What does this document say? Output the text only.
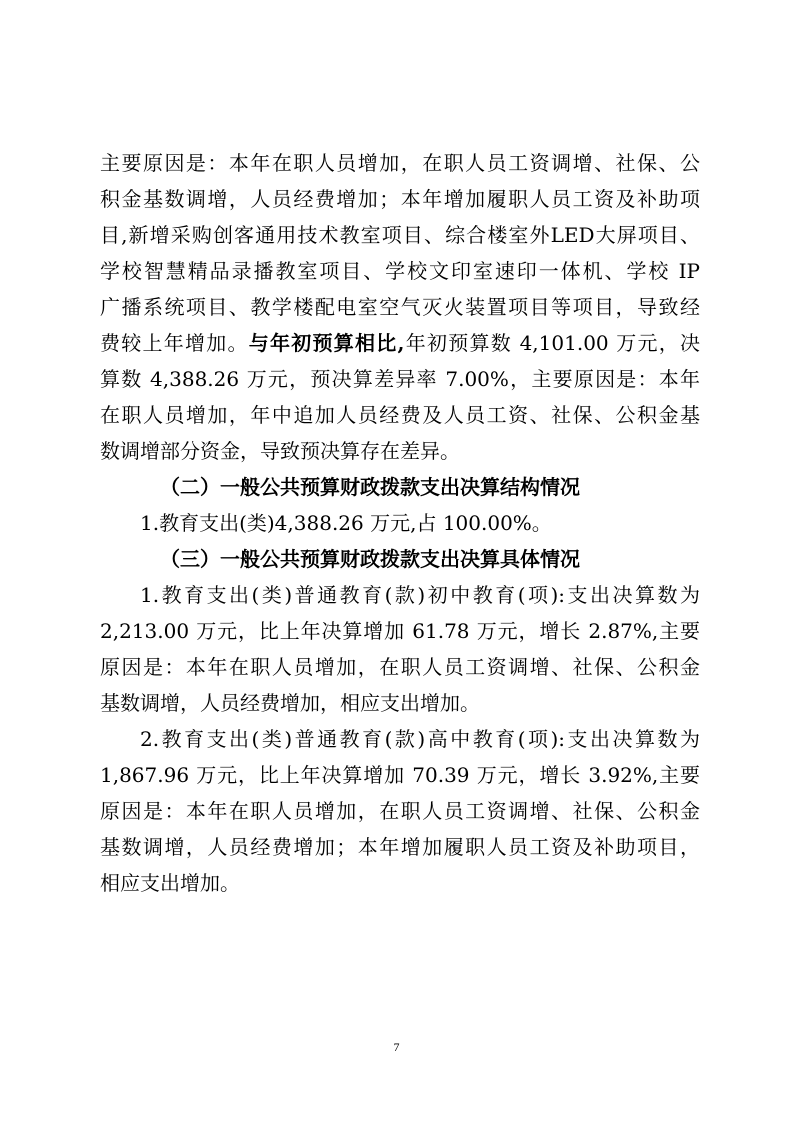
主要原因是：本年在职人员增加，在职人员工资调增、社保、公
积金基数调增，人员经费增加；本年增加履职人员工资及补助项
目,新增采购创客通用技术教室项目、综合楼室外LED大屏项目、
学校智慧精品录播教室项目、学校文印室速印一体机、学校 IP
广播系统项目、教学楼配电室空气灭火装置项目等项目，导致经
费较上年增加。与年初预算相比,年初预算数 4,101.00 万元，决
算数 4,388.26 万元，预决算差异率 7.00%，主要原因是：本年
在职人员增加，年中追加人员经费及人员工资、社保、公积金基
数调增部分资金，导致预决算存在差异。
（二）一般公共预算财政拨款支出决算结构情况
1.教育支出(类)4,388.26 万元,占 100.00%。
（三）一般公共预算财政拨款支出决算具体情况
1.教育支出(类)普通教育(款)初中教育(项):支出决算数为
2,213.00 万元，比上年决算增加 61.78 万元，增长 2.87%,主要
原因是：本年在职人员增加，在职人员工资调增、社保、公积金
基数调增，人员经费增加，相应支出增加。
2.教育支出(类)普通教育(款)高中教育(项):支出决算数为
1,867.96 万元，比上年决算增加 70.39 万元，增长 3.92%,主要
原因是：本年在职人员增加，在职人员工资调增、社保、公积金
基数调增，人员经费增加；本年增加履职人员工资及补助项目，
相应支出增加。
7
